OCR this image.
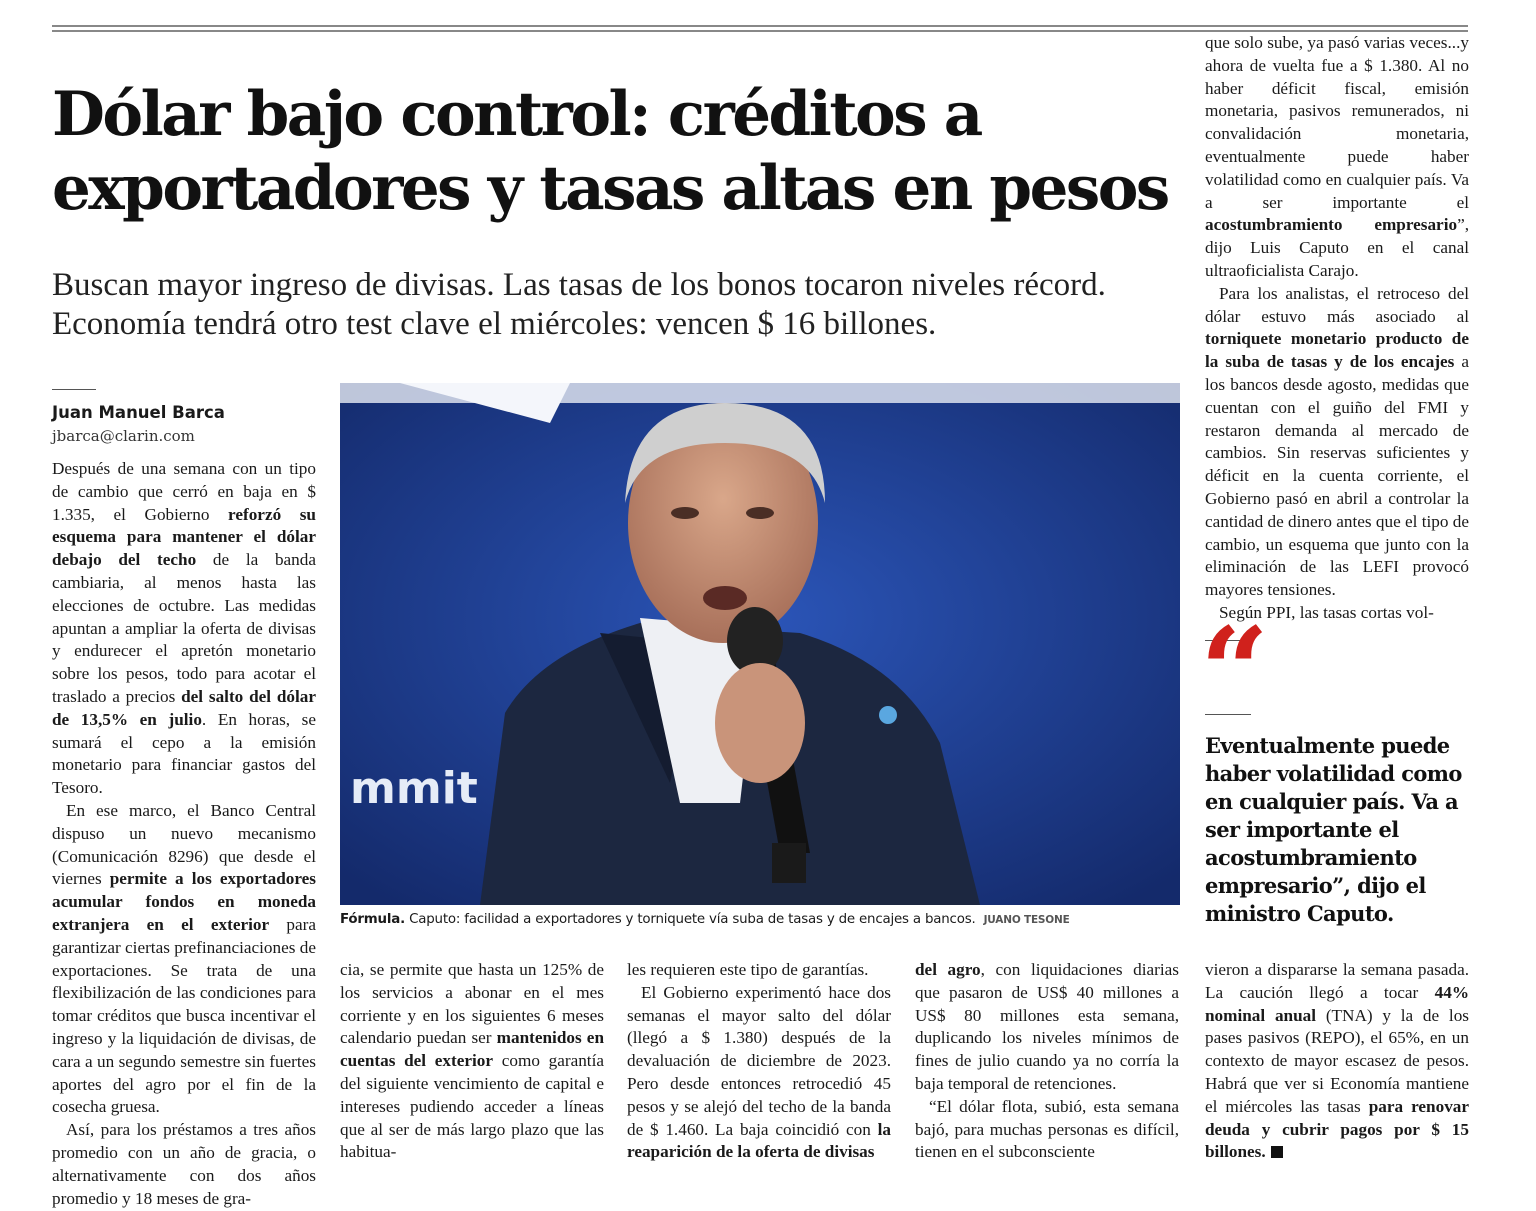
Dólar bajo control: créditos a exportadores y tasas altas en pesos

Buscan mayor ingreso de divisas. Las tasas de los bonos tocaron niveles récord. Economía tendrá otro test clave el miércoles: vencen $ 16 billones.

Juan Manuel Barca
jbarca@clarin.com

Después de una semana con un tipo de cambio que cerró en baja en $ 1.335, el Gobierno reforzó su esquema para mantener el dólar debajo del techo de la banda cambiaria, al menos hasta las elecciones de octubre. Las medidas apuntan a ampliar la oferta de divisas y endurecer el apretón monetario sobre los pesos, todo para acotar el traslado a precios del salto del dólar de 13,5% en julio. En horas, se sumará el cepo a la emisión monetario para financiar gastos del Tesoro.

En ese marco, el Banco Central dispuso un nuevo mecanismo (Comunicación 8296) que desde el viernes permite a los exportadores acumular fondos en moneda extranjera en el exterior para garantizar ciertas prefinanciaciones de exportaciones. Se trata de una flexibilización de las condiciones para tomar créditos que busca incentivar el ingreso y la liquidación de divisas, de cara a un segundo semestre sin fuertes aportes del agro por el fin de la cosecha gruesa.

Así, para los préstamos a tres años promedio con un año de gracia, o alternativamente con dos años promedio y 18 meses de gra-

cia, se permite que hasta un 125% de los servicios a abonar en el mes corriente y en los siguientes 6 meses calendario puedan ser mantenidos en cuentas del exterior como garantía del siguiente vencimiento de capital e intereses pudiendo acceder a líneas que al ser de más largo plazo que las habitua-

les requieren este tipo de garantías.

El Gobierno experimentó hace dos semanas el mayor salto del dólar (llegó a $ 1.380) después de la devaluación de diciembre de 2023. Pero desde entonces retrocedió 45 pesos y se alejó del techo de la banda de $ 1.460. La baja coincidió con la reaparición de la oferta de divisas

del agro, con liquidaciones diarias que pasaron de US$ 40 millones a US$ 80 millones esta semana, duplicando los niveles mínimos de fines de julio cuando ya no corría la baja temporal de retenciones.

“El dólar flota, subió, esta semana bajó, para muchas personas es difícil, tienen en el subconsciente

que solo sube, ya pasó varias veces...y ahora de vuelta fue a $ 1.380. Al no haber déficit fiscal, emisión monetaria, pasivos remunerados, ni convalidación monetaria, eventualmente puede haber volatilidad como en cualquier país. Va a ser importante el acostumbramiento empresario”, dijo Luis Caputo en el canal ultraoficialista Carajo.

Para los analistas, el retroceso del dólar estuvo más asociado al torniquete monetario producto de la suba de tasas y de los encajes a los bancos desde agosto, medidas que cuentan con el guiño del FMI y restaron demanda al mercado de cambios. Sin reservas suficientes y déficit en la cuenta corriente, el Gobierno pasó en abril a controlar la cantidad de dinero antes que el tipo de cambio, un esquema que junto con la eliminación de las LEFI provocó mayores tensiones.

Según PPI, las tasas cortas vol-

vieron a dispararse la semana pasada. La caución llegó a tocar 44% nominal anual (TNA) y la de los pases pasivos (REPO), el 65%, en un contexto de mayor escasez de pesos. Habrá que ver si Economía mantiene el miércoles las tasas para renovar deuda y cubrir pagos por $ 15 billones.

mmit
Fórmula. Caputo: facilidad a exportadores y torniquete vía suba de tasas y de encajes a bancos. JUANO TESONE
“

Eventualmente puede haber volatilidad como en cualquier país. Va a ser importante el acostumbramiento empresario”, dijo el ministro Caputo.
